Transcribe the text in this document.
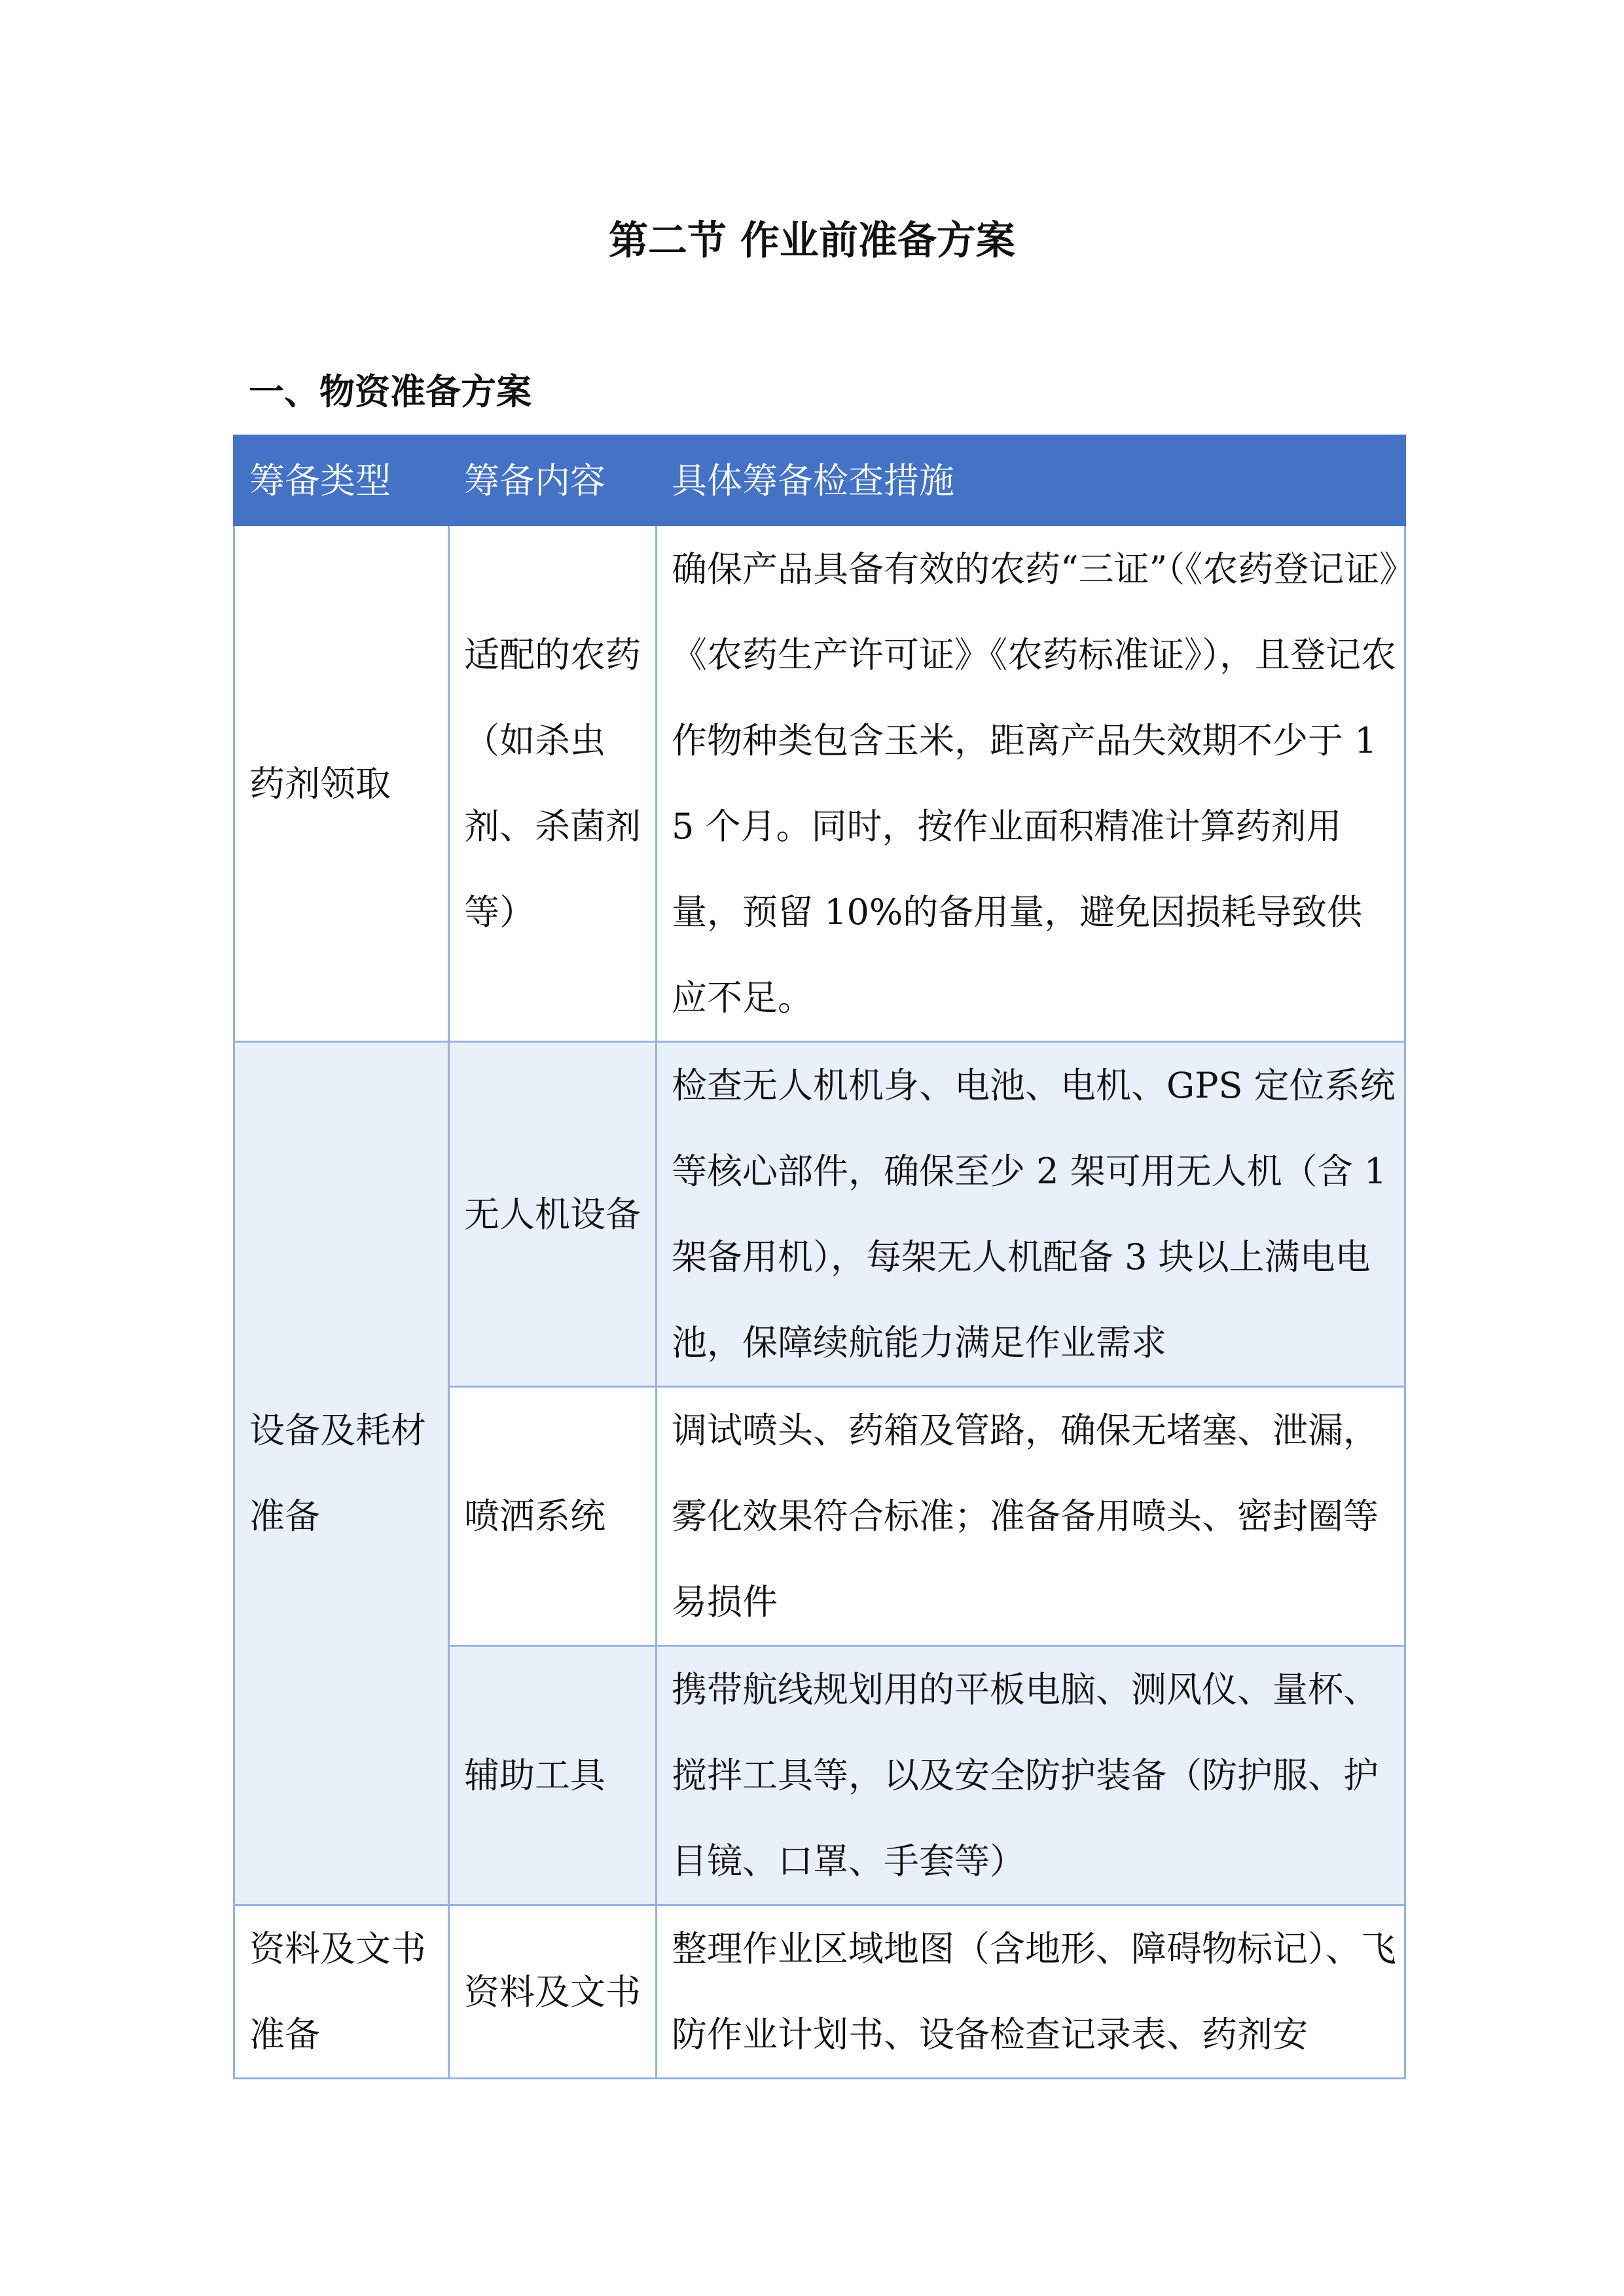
第二节 作业前准备方案
一、物资准备方案
筹备类型	筹备内容	具体筹备检查措施
药剂领取	适配的农药（如杀虫剂、杀菌剂等）	确保产品具备有效的农药“三证”（《农药登记证》《农药生产许可证》《农药标准证》），且登记农作物种类包含玉米，距离产品失效期不少于 15 个月。同时，按作业面积精准计算药剂用量，预留 10%的备用量，避免因损耗导致供应不足。
设备及耗材准备	无人机设备	检查无人机机身、电池、电机、GPS 定位系统等核心部件，确保至少 2 架可用无人机（含 1 架备用机），每架无人机配备 3 块以上满电电池，保障续航能力满足作业需求
	喷洒系统	调试喷头、药箱及管路，确保无堵塞、泄漏，雾化效果符合标准；准备备用喷头、密封圈等易损件
	辅助工具	携带航线规划用的平板电脑、测风仪、量杯、搅拌工具等，以及安全防护装备（防护服、护目镜、口罩、手套等）
资料及文书准备	资料及文书	整理作业区域地图（含地形、障碍物标记）、飞防作业计划书、设备检查记录表、药剂安
